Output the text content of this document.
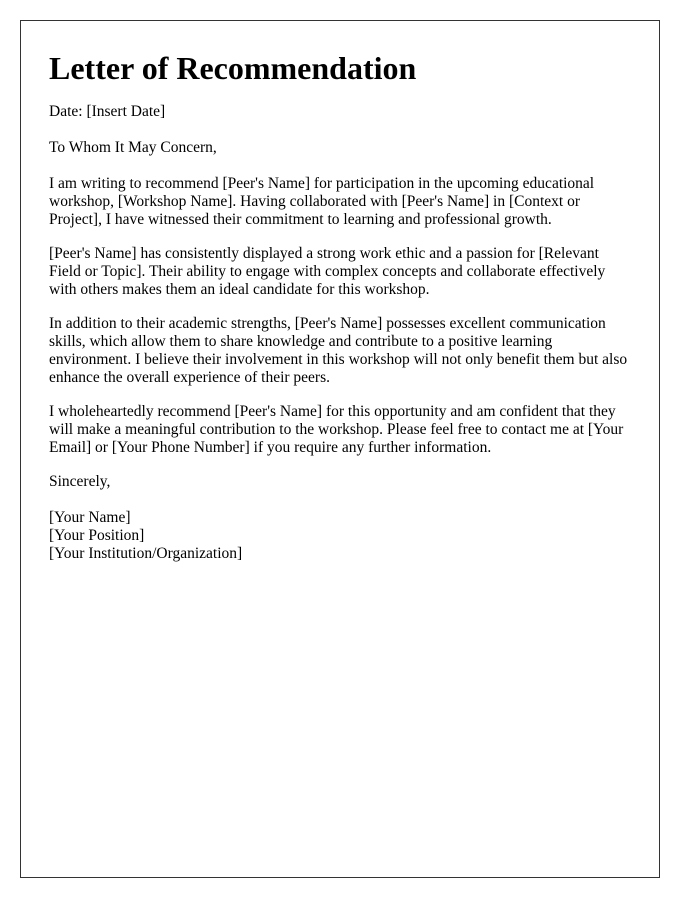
Letter of Recommendation
Date: [Insert Date]
To Whom It May Concern,

I am writing to recommend [Peer's Name] for participation in the upcoming educational workshop, [Workshop Name]. Having collaborated with [Peer's Name] in [Context or Project], I have witnessed their commitment to learning and professional growth.

[Peer's Name] has consistently displayed a strong work ethic and a passion for [Relevant Field or Topic]. Their ability to engage with complex concepts and collaborate effectively with others makes them an ideal candidate for this workshop.

In addition to their academic strengths, [Peer's Name] possesses excellent communication skills, which allow them to share knowledge and contribute to a positive learning environment. I believe their involvement in this workshop will not only benefit them but also enhance the overall experience of their peers.

I wholeheartedly recommend [Peer's Name] for this opportunity and am confident that they will make a meaningful contribution to the workshop. Please feel free to contact me at [Your Email] or [Your Phone Number] if you require any further information.

Sincerely,
[Your Name]
[Your Position]
[Your Institution/Organization]
